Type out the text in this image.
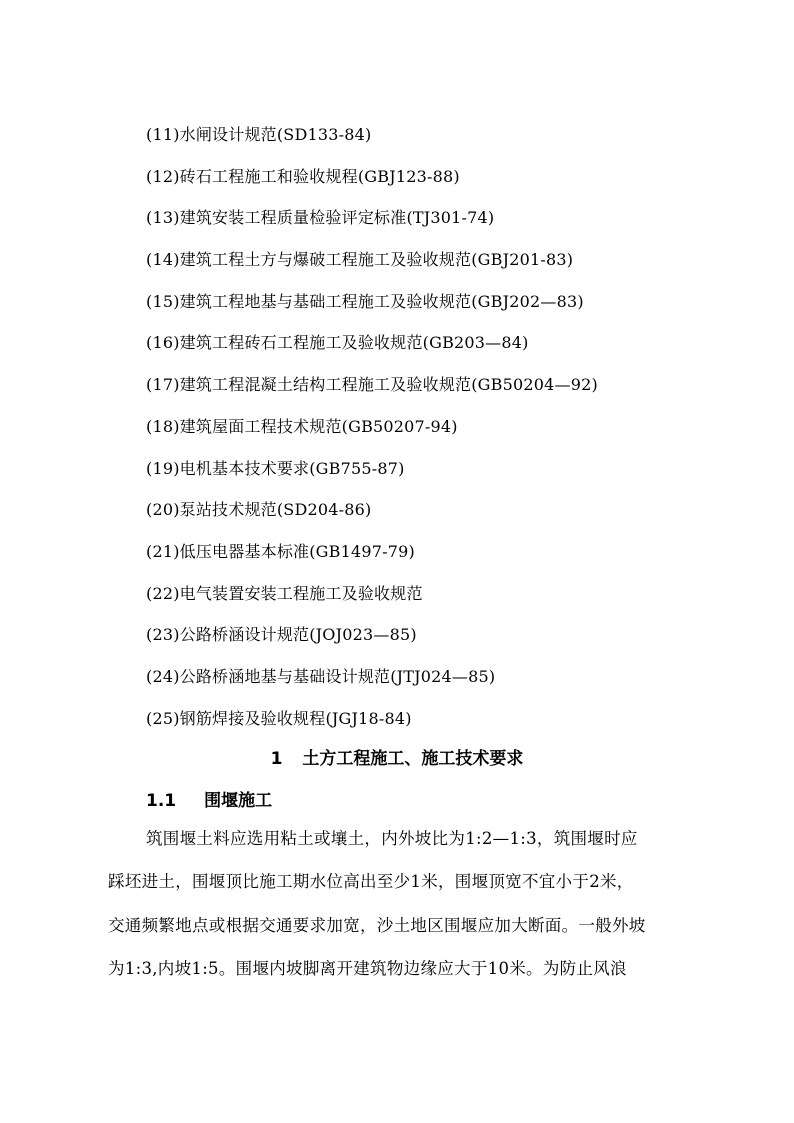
(11)水闸设计规范(SD133-84)
(12)砖石工程施工和验收规程(GBJ123-88)
(13)建筑安装工程质量检验评定标准(TJ301-74)
(14)建筑工程土方与爆破工程施工及验收规范(GBJ201-83)
(15)建筑工程地基与基础工程施工及验收规范(GBJ202—83)
(16)建筑工程砖石工程施工及验收规范(GB203—84)
(17)建筑工程混凝土结构工程施工及验收规范(GB50204—92)
(18)建筑屋面工程技术规范(GB50207-94)
(19)电机基本技术要求(GB755-87)
(20)泵站技术规范(SD204-86)
(21)低压电器基本标准(GB1497-79)
(22)电气装置安装工程施工及验收规范
(23)公路桥涵设计规范(JOJ023—85)
(24)公路桥涵地基与基础设计规范(JTJ024—85)
(25)钢筋焊接及验收规程(JGJ18-84)
1 土方工程施工、施工技术要求
1.1 围堰施工
筑围堰土料应选用粘土或壤土，内外坡比为1:2—1:3，筑围堰时应
踩坯进土，围堰顶比施工期水位高出至少1米，围堰顶宽不宜小于2米，
交通频繁地点或根据交通要求加宽，沙土地区围堰应加大断面。一般外坡
为1:3,内坡1:5。围堰内坡脚离开建筑物边缘应大于10米。为防止风浪
